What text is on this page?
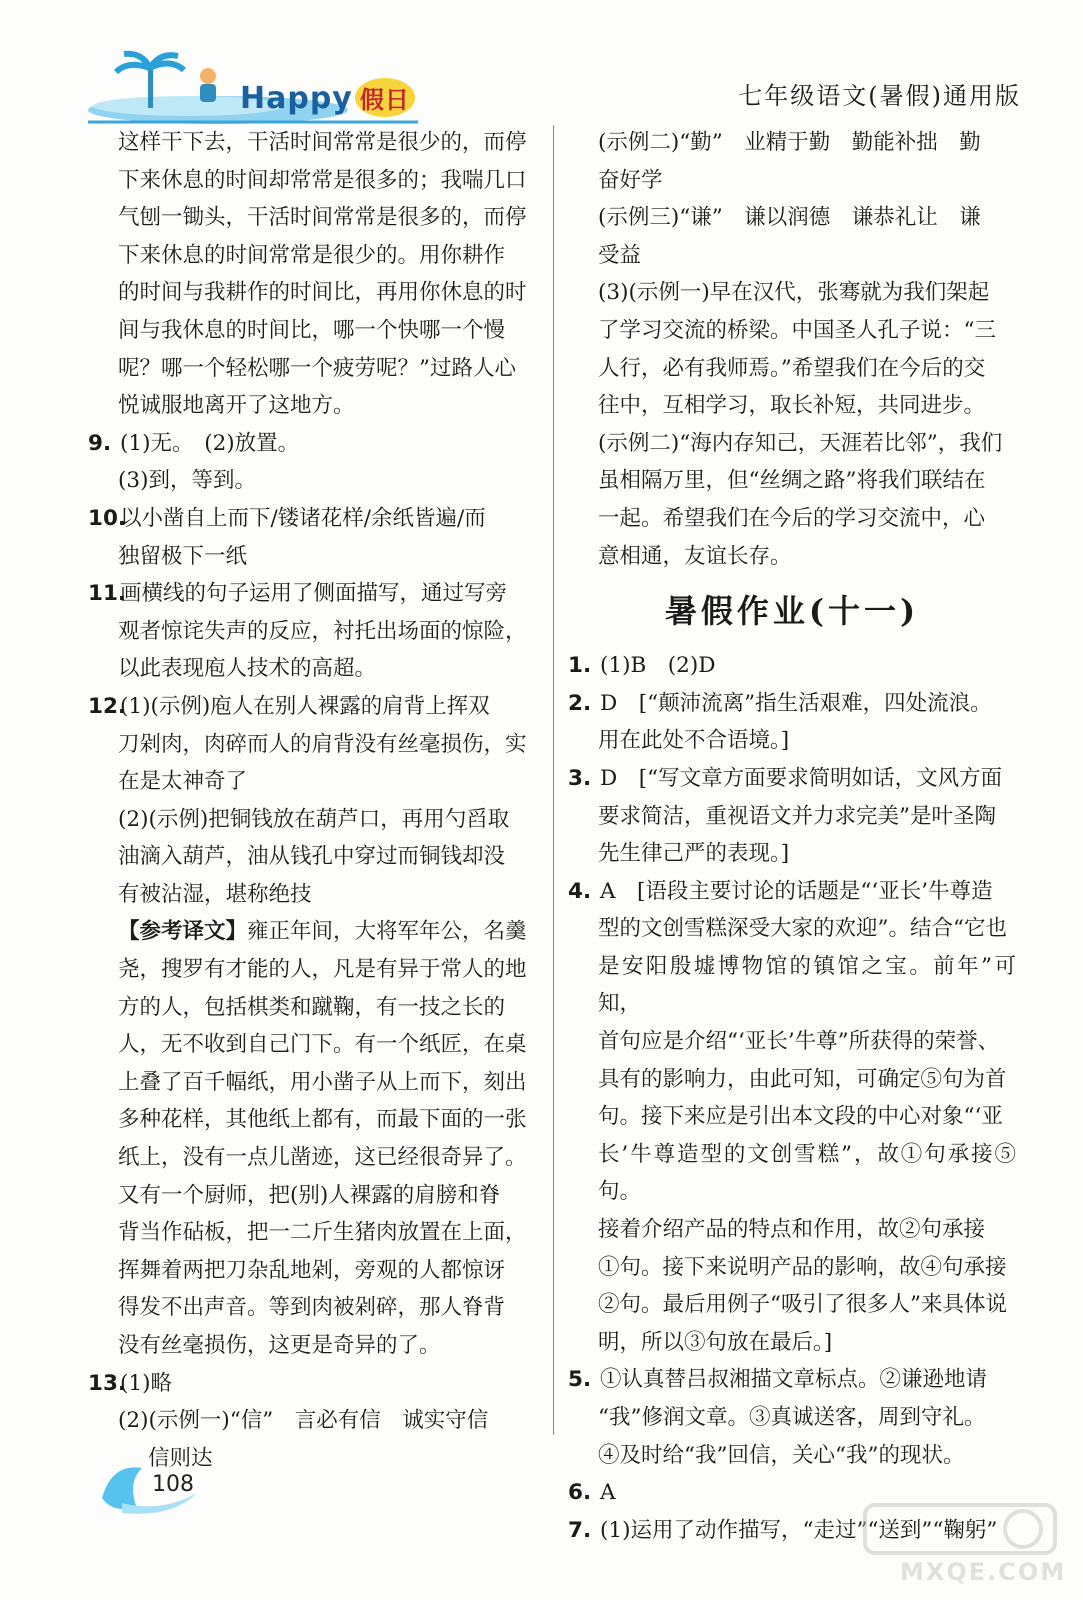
Happy 假日	七年级语文(暑假)通用版

这样干下去，干活时间常常是很少的，而停

下来休息的时间却常常是很多的；我喘几口

气刨一锄头，干活时间常常是很多的，而停

下来休息的时间常常是很少的。用你耕作

的时间与我耕作的时间比，再用你休息的时

间与我休息的时间比，哪一个快哪一个慢

呢？哪一个轻松哪一个疲劳呢？”过路人心

悦诚服地离开了这地方。

9. (1)无。　(2)放置。

(3)到，等到。

10.以小凿自上而下/镂诸花样/余纸皆遍/而

独留极下一纸

11.画横线的句子运用了侧面描写，通过写旁

观者惊诧失声的反应，衬托出场面的惊险，

以此表现庖人技术的高超。

12.(1)(示例)庖人在别人裸露的肩背上挥双

刀剁肉，肉碎而人的肩背没有丝毫损伤，实

在是太神奇了

(2)(示例)把铜钱放在葫芦口，再用勺舀取

油滴入葫芦，油从钱孔中穿过而铜钱却没

有被沾湿，堪称绝技

【参考译文】雍正年间，大将军年公，名羹

尧，搜罗有才能的人，凡是有异于常人的地

方的人，包括棋类和蹴鞠，有一技之长的

人，无不收到自己门下。有一个纸匠，在桌

上叠了百千幅纸，用小凿子从上而下，刻出

多种花样，其他纸上都有，而最下面的一张

纸上，没有一点儿凿迹，这已经很奇异了。

又有一个厨师，把(别)人裸露的肩膀和脊

背当作砧板，把一二斤生猪肉放置在上面，

挥舞着两把刀杂乱地剁，旁观的人都惊讶

得发不出声音。等到肉被剁碎，那人脊背

没有丝毫损伤，这更是奇异的了。

13.(1)略

(2)(示例一)“信”　言必有信　诚实守信

信则达

(示例二)“勤”　业精于勤　勤能补拙　勤

奋好学

(示例三)“谦”　谦以润德　谦恭礼让　谦

受益

(3)(示例一)早在汉代，张骞就为我们架起

了学习交流的桥梁。中国圣人孔子说：“三

人行，必有我师焉。”希望我们在今后的交

往中，互相学习，取长补短，共同进步。

(示例二)“海内存知己，天涯若比邻”，我们

虽相隔万里，但“丝绸之路”将我们联结在

一起。希望我们在今后的学习交流中，心

意相通，友谊长存。

暑假作业(十一)

1. (1)B　(2)D

2. D　[“颠沛流离”指生活艰难，四处流浪。

用在此处不合语境。]

3. D　[“写文章方面要求简明如话，文风方面

要求简洁，重视语文并力求完美”是叶圣陶

先生律己严的表现。]

4. A　[语段主要讨论的话题是“‘亚长’牛尊造

型的文创雪糕深受大家的欢迎”。结合“它也

是安阳殷墟博物馆的镇馆之宝。前年”可知，

首句应是介绍“‘亚长’牛尊”所获得的荣誉、

具有的影响力，由此可知，可确定⑤句为首

句。接下来应是引出本文段的中心对象“‘亚

长’牛尊造型的文创雪糕”，故①句承接⑤句。

接着介绍产品的特点和作用，故②句承接

①句。接下来说明产品的影响，故④句承接

②句。最后用例子“吸引了很多人”来具体说

明，所以③句放在最后。]

5. ①认真替吕叔湘描文章标点。②谦逊地请

“我”修润文章。③真诚送客，周到守礼。

④及时给“我”回信，关心“我”的现状。

6. A

7. (1)运用了动作描写，“走过”“送到”“鞠躬”

108
MXQE.COM
